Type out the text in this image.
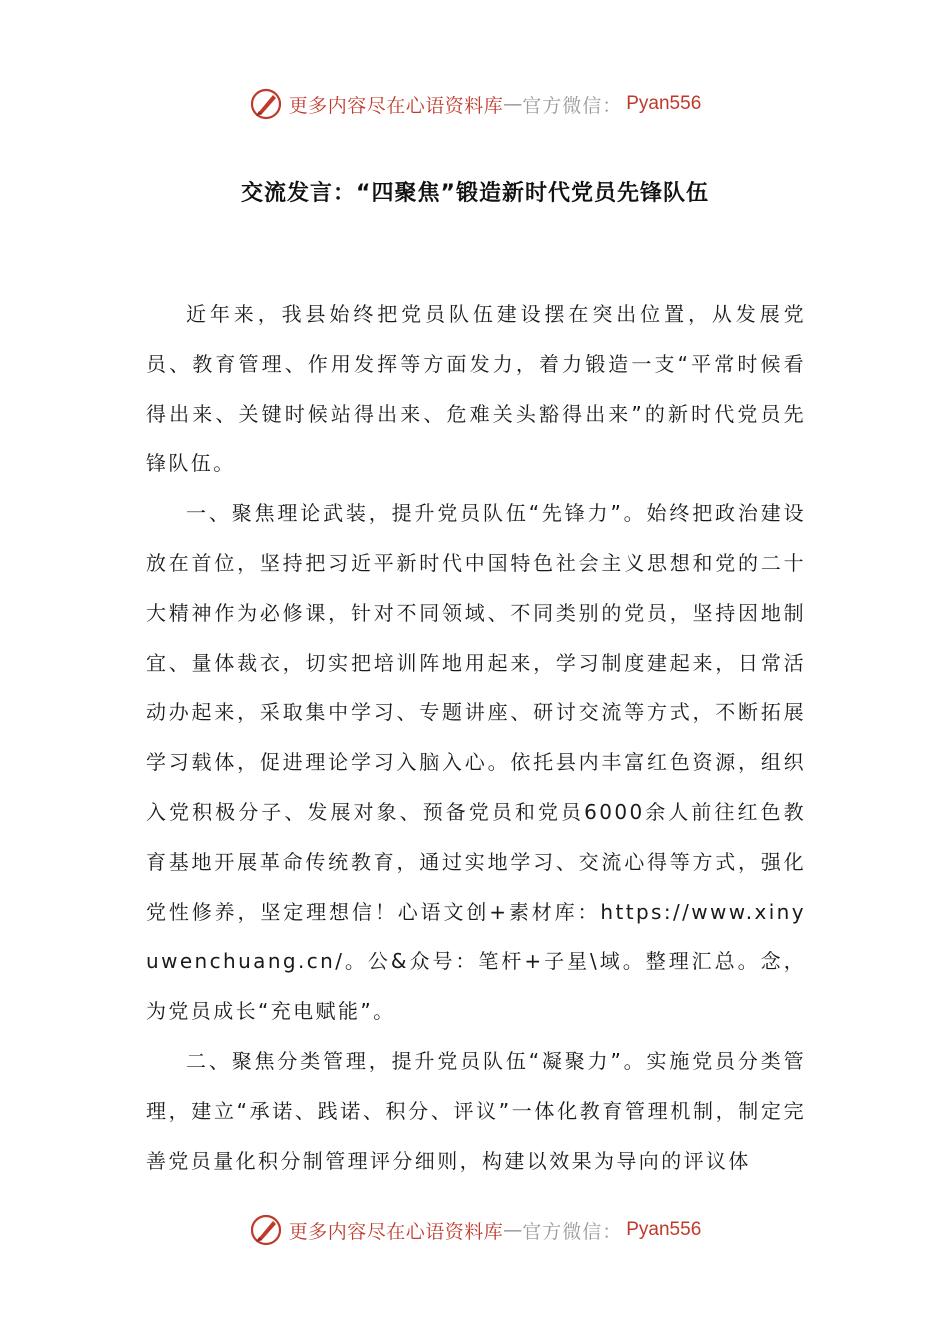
更多内容尽在心语资料库 — 官方微信： Pyan556
交流发言：“四聚焦”锻造新时代党员先锋队伍

近年来，我县始终把党员队伍建设摆在突出位置，从发展党员、教育管理、作用发挥等方面发力，着力锻造一支“平常时候看得出来、关键时候站得出来、危难关头豁得出来”的新时代党员先锋队伍。

一、聚焦理论武装，提升党员队伍“先锋力”。始终把政治建设放在首位，坚持把习近平新时代中国特色社会主义思想和党的二十大精神作为必修课，针对不同领域、不同类别的党员，坚持因地制宜、量体裁衣，切实把培训阵地用起来，学习制度建起来，日常活动办起来，采取集中学习、专题讲座、研讨交流等方式，不断拓展学习载体，促进理论学习入脑入心。依托县内丰富红色资源，组织入党积极分子、发展对象、预备党员和党员6000余人前往红色教育基地开展革命传统教育，通过实地学习、交流心得等方式，强化党性修养，坚定理想信！心语文创+素材库：https://www.xinyuwenchuang.cn/。公&众号：笔杆+子星\域。整理汇总。念，为党员成长“充电赋能”。

二、聚焦分类管理，提升党员队伍“凝聚力”。实施党员分类管理，建立“承诺、践诺、积分、评议”一体化教育管理机制，制定完善党员量化积分制管理评分细则，构建以效果为导向的评议体

更多内容尽在心语资料库 — 官方微信： Pyan556
